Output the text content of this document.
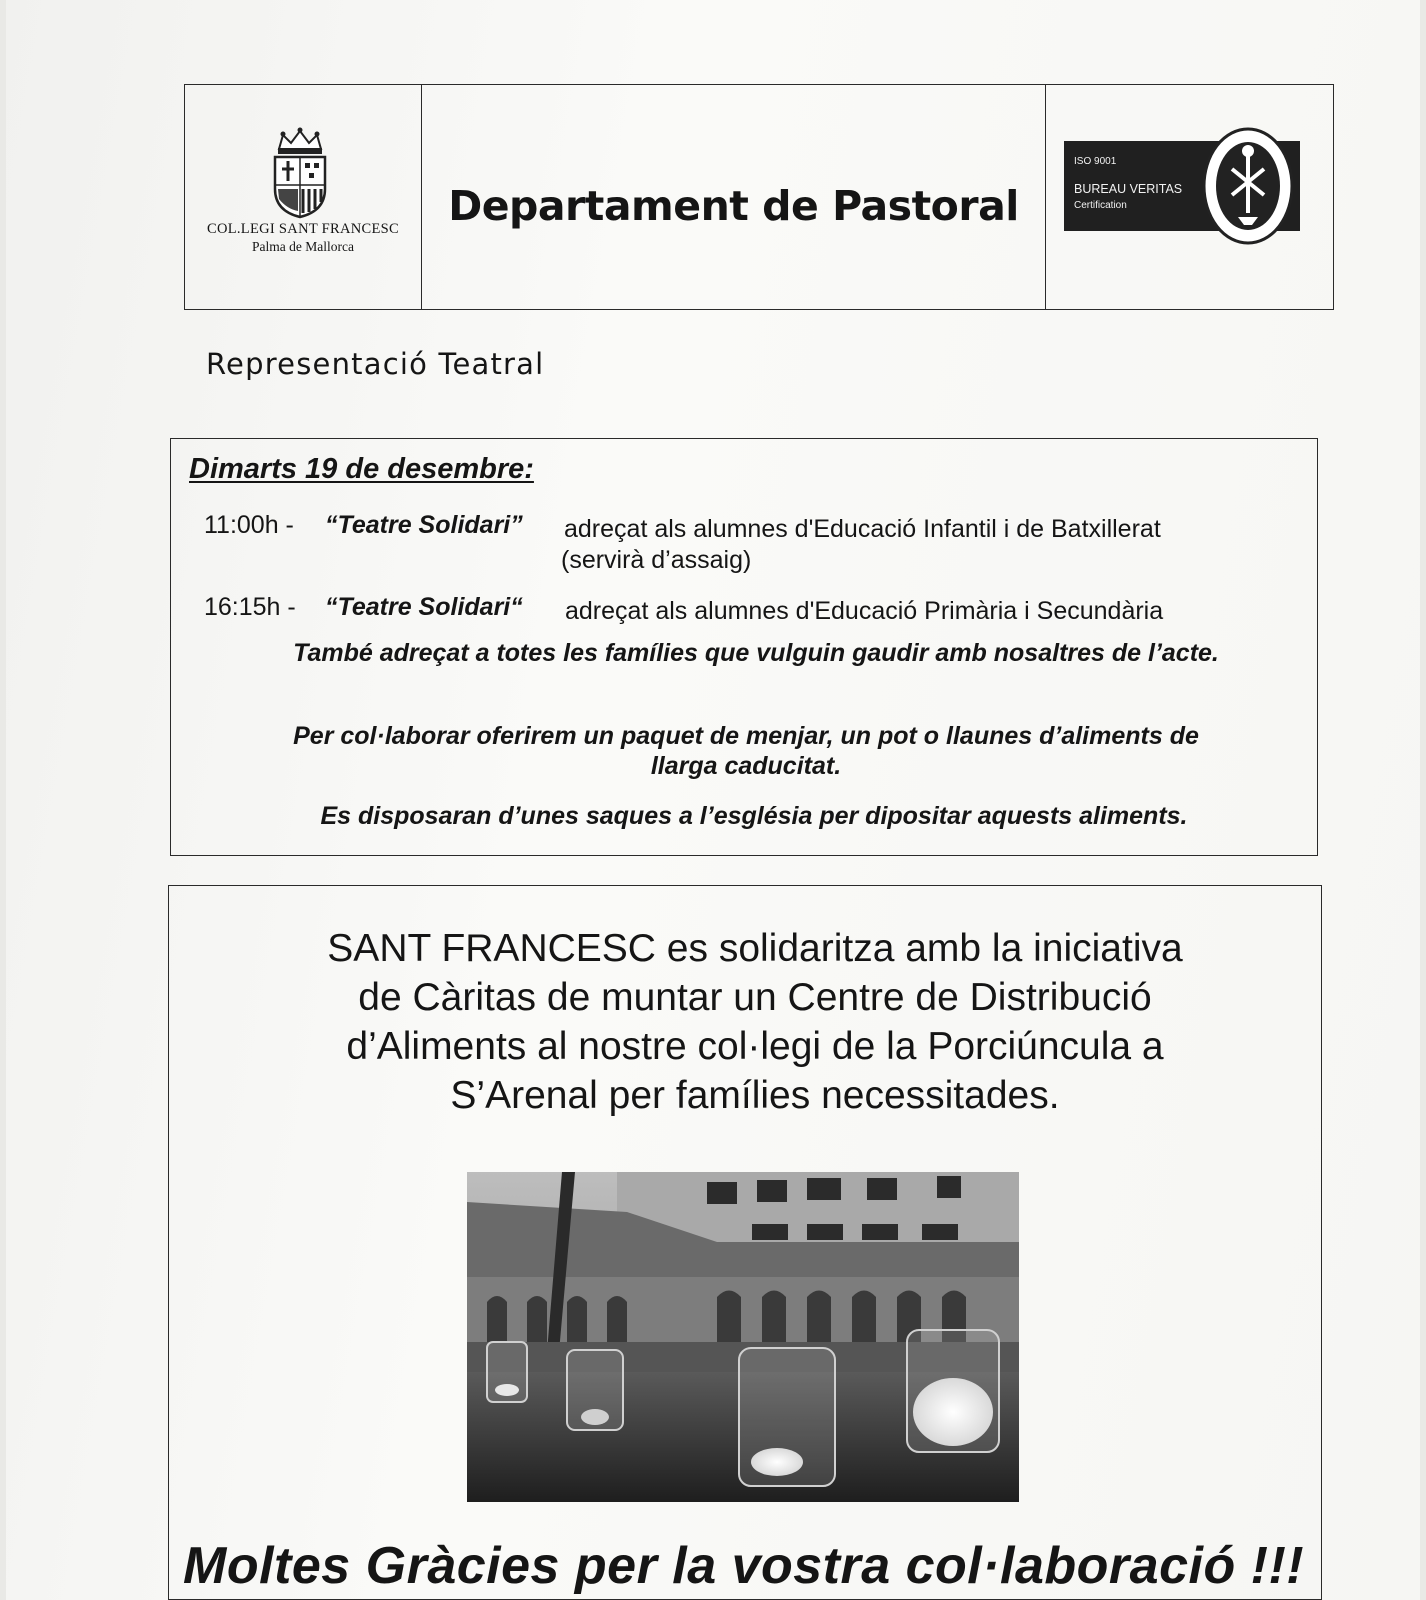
COL.LEGI SANT FRANCESC
Palma de Mallorca
Departament de Pastoral
ISO 9001
BUREAU VERITAS
Certification
Representació Teatral
Dimarts 19 de desembre:
11:00h - “Teatre Solidari” adreçat als alumnes d'Educació Infantil i de Batxillerat
(servirà d’assaig)
16:15h - “Teatre Solidari“ adreçat als alumnes d'Educació Primària i Secundària
També adreçat a totes les famílies que vulguin gaudir amb nosaltres de l’acte.
Per col·laborar oferirem un paquet de menjar, un pot o llaunes d’aliments de
llarga caducitat.
Es disposaran d’unes saques a l’església per dipositar aquests aliments.
SANT FRANCESC es solidaritza amb la iniciativa
de Càritas de muntar un Centre de Distribució
d’Aliments al nostre col·legi de la Porciúncula a
S’Arenal per famílies necessitades.
Moltes Gràcies per la vostra col·laboració !!!
